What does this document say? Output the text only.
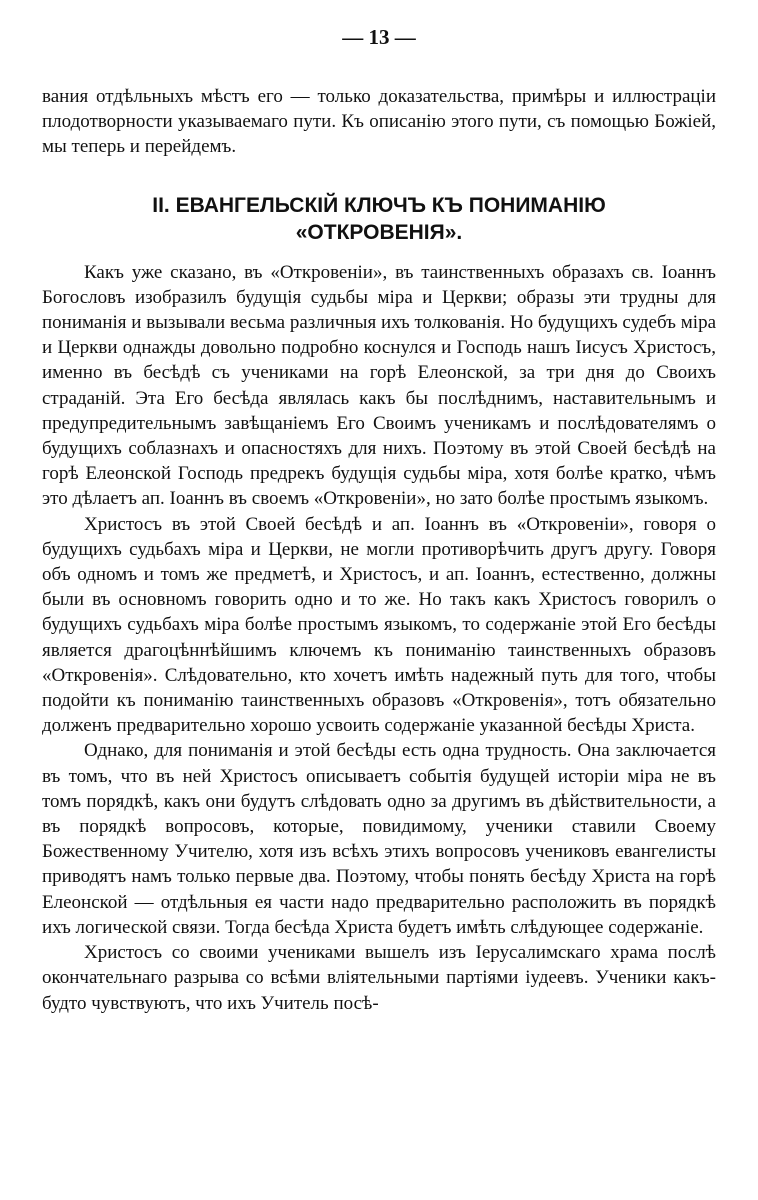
— 13 —

вания отдѣльныхъ мѣстъ его — только доказательства, примѣры и иллюстраціи плодотворности указываемаго пути. Къ описанію этого пути, съ помощью Божіей, мы теперь и перейдемъ.

II. ЕВАНГЕЛЬСКІЙ КЛЮЧЪ КЪ ПОНИМАНІЮ
«ОТКРОВЕНІЯ».

Какъ уже сказано, въ «Откровеніи», въ таинственныхъ образахъ св. Іоаннъ Богословъ изобразилъ будущія судьбы міра и Церкви; образы эти трудны для пониманія и вызывали весьма различныя ихъ толкованія. Но будущихъ судебъ міра и Церкви однажды довольно подробно коснулся и Господь нашъ Іисусъ Христосъ, именно въ бесѣдѣ съ учениками на горѣ Елеонской, за три дня до Своихъ страданій. Эта Его бесѣда являлась какъ бы послѣднимъ, наставительнымъ и предупредительнымъ завѣщаніемъ Его Своимъ ученикамъ и послѣдователямъ о будущихъ соблазнахъ и опасностяхъ для нихъ. Поэтому въ этой Своей бесѣдѣ на горѣ Елеонской Господь предрекъ будущія судьбы міра, хотя болѣе кратко, чѣмъ это дѣлаетъ ап. Іоаннъ въ своемъ «Откровеніи», но зато болѣе простымъ языкомъ.

Христосъ въ этой Своей бесѣдѣ и ап. Іоаннъ въ «Откровеніи», говоря о будущихъ судьбахъ міра и Церкви, не могли противорѣчить другъ другу. Говоря объ одномъ и томъ же предметѣ, и Христосъ, и ап. Іоаннъ, естественно, должны были въ основномъ говорить одно и то же. Но такъ какъ Христосъ говорилъ о будущихъ судьбахъ міра болѣе простымъ языкомъ, то содержаніе этой Его бесѣды является драгоцѣннѣйшимъ ключемъ къ пониманію таинственныхъ образовъ «Откровенія». Слѣдовательно, кто хочетъ имѣть надежный путь для того, чтобы подойти къ пониманію таинственныхъ образовъ «Откровенія», тотъ обязательно долженъ предварительно хорошо усвоить содержаніе указанной бесѣды Христа.

Однако, для пониманія и этой бесѣды есть одна трудность. Она заключается въ томъ, что въ ней Христосъ описываетъ событія будущей исторіи міра не въ томъ порядкѣ, какъ они будутъ слѣдовать одно за другимъ въ дѣйствительности, а въ порядкѣ вопросовъ, которые, повидимому, ученики ставили Своему Божественному Учителю, хотя изъ всѣхъ этихъ вопросовъ учениковъ евангелисты приводятъ намъ только первые два. Поэтому, чтобы понять бесѣду Христа на горѣ Елеонской — отдѣльныя ея части надо предварительно расположить въ порядкѣ ихъ логической связи. Тогда бесѣда Христа будетъ имѣть слѣдующее содержаніе.

Христосъ со своими учениками вышелъ изъ Іерусалимскаго храма послѣ окончательнаго разрыва со всѣми вліятельными партіями іудеевъ. Ученики какъ-будто чувствуютъ, что ихъ Учитель посѣ-
